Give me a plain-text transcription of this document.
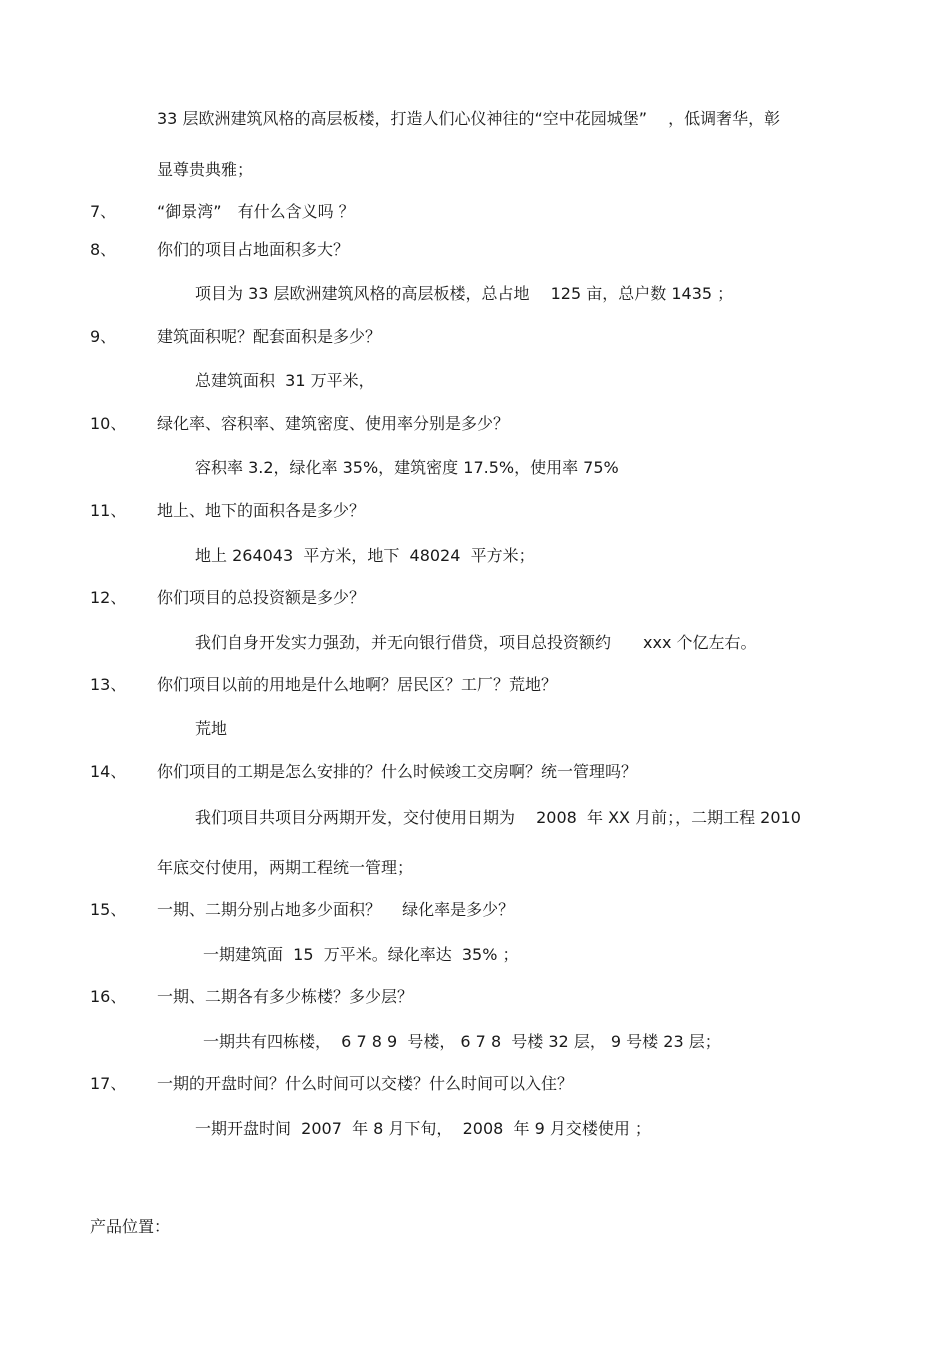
33 层欧洲建筑风格的高层板楼，打造人们心仪神往的“空中花园城堡”　 ，低调奢华，彰
显尊贵典雅；
7、	“御景湾”　有什么含义吗 ？
8、	你们的项目占地面积多大？
项目为 33 层欧洲建筑风格的高层板楼，总占地　 125 亩，总户数 1435 ；
9、	建筑面积呢？配套面积是多少？
总建筑面积  31 万平米，
10、 绿化率、容积率、建筑密度、使用率分别是多少？
容积率 3.2，绿化率 35%，建筑密度 17.5%，使用率 75%
11、 地上、地下的面积各是多少？
地上 264043  平方米，地下  48024  平方米；
12、 你们项目的总投资额是多少？
我们自身开发实力强劲，并无向银行借贷，项目总投资额约　　xxx 个亿左右。
13、 你们项目以前的用地是什么地啊？居民区？工厂？荒地？
荒地
14、 你们项目的工期是怎么安排的？什么时候竣工交房啊？统一管理吗？
我们项目共项目分两期开发，交付使用日期为　 2008  年 XX 月前；，二期工程 2010
年底交付使用，两期工程统一管理；
15、 一期、二期分别占地多少面积？　 绿化率是多少？
一期建筑面  15  万平米。绿化率达  35% ；
16、 一期、二期各有多少栋楼？多少层？
一期共有四栋楼，  6 7 8 9  号楼， 6 7 8  号楼 32 层， 9 号楼 23 层；
17、 一期的开盘时间？什么时间可以交楼？什么时间可以入住？
一期开盘时间  2007  年 8 月下旬，  2008  年 9 月交楼使用 ；
产品位置：
